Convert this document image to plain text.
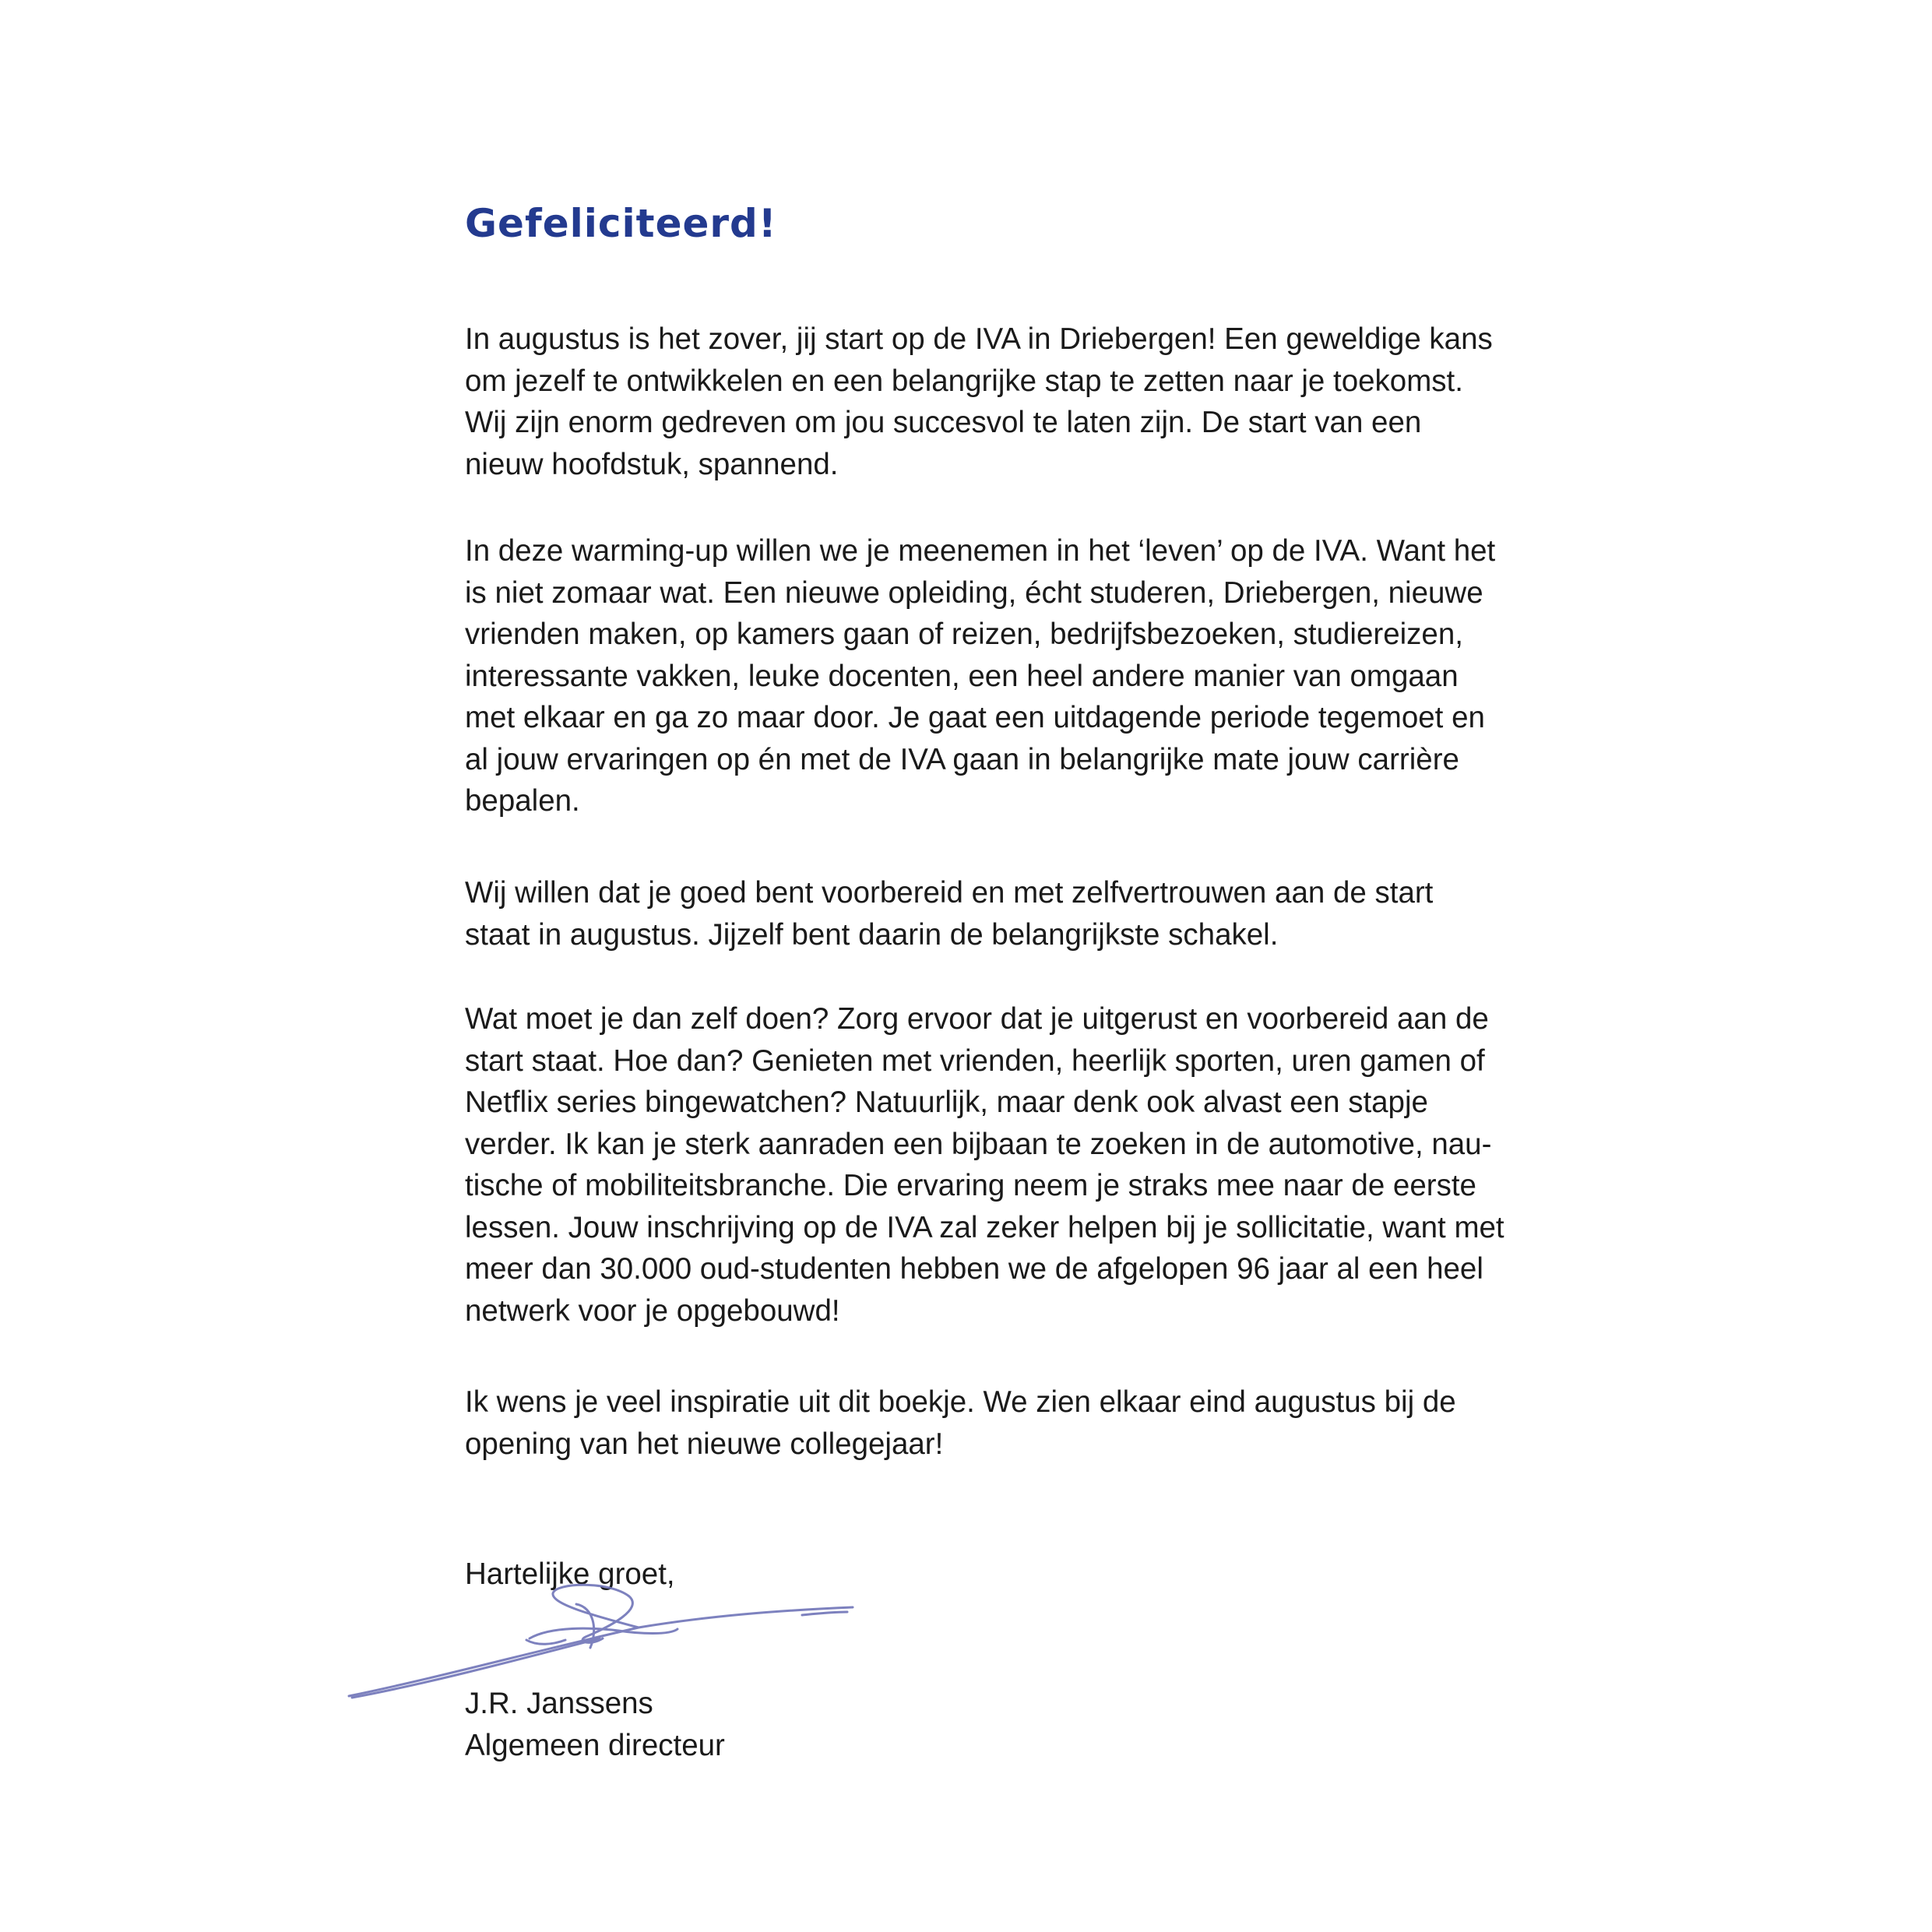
Gefeliciteerd!

In augustus is het zover, jij start op de IVA in Driebergen! Een geweldige kans
om jezelf te ontwikkelen en een belangrijke stap te zetten naar je toekomst.
Wij zijn enorm gedreven om jou succesvol te laten zijn. De start van een
nieuw hoofdstuk, spannend.

In deze warming-up willen we je meenemen in het ‘leven’ op de IVA. Want het
is niet zomaar wat. Een nieuwe opleiding, écht studeren, Driebergen, nieuwe
vrienden maken, op kamers gaan of reizen, bedrijfsbezoeken, studiereizen,
interessante vakken, leuke docenten, een heel andere manier van omgaan
met elkaar en ga zo maar door. Je gaat een uitdagende periode tegemoet en
al jouw ervaringen op én met de IVA gaan in belangrijke mate jouw carrière
bepalen.

Wij willen dat je goed bent voorbereid en met zelfvertrouwen aan de start
staat in augustus. Jijzelf bent daarin de belangrijkste schakel.

Wat moet je dan zelf doen? Zorg ervoor dat je uitgerust en voorbereid aan de
start staat. Hoe dan? Genieten met vrienden, heerlijk sporten, uren gamen of
Netflix series bingewatchen? Natuurlijk, maar denk ook alvast een stapje
verder. Ik kan je sterk aanraden een bijbaan te zoeken in de automotive, nau-
tische of mobiliteitsbranche. Die ervaring neem je straks mee naar de eerste
lessen. Jouw inschrijving op de IVA zal zeker helpen bij je sollicitatie, want met
meer dan 30.000 oud-studenten hebben we de afgelopen 96 jaar al een heel
netwerk voor je opgebouwd!

Ik wens je veel inspiratie uit dit boekje. We zien elkaar eind augustus bij de
opening van het nieuwe collegejaar!

Hartelijke groet,

J.R. Janssens

Algemeen directeur
